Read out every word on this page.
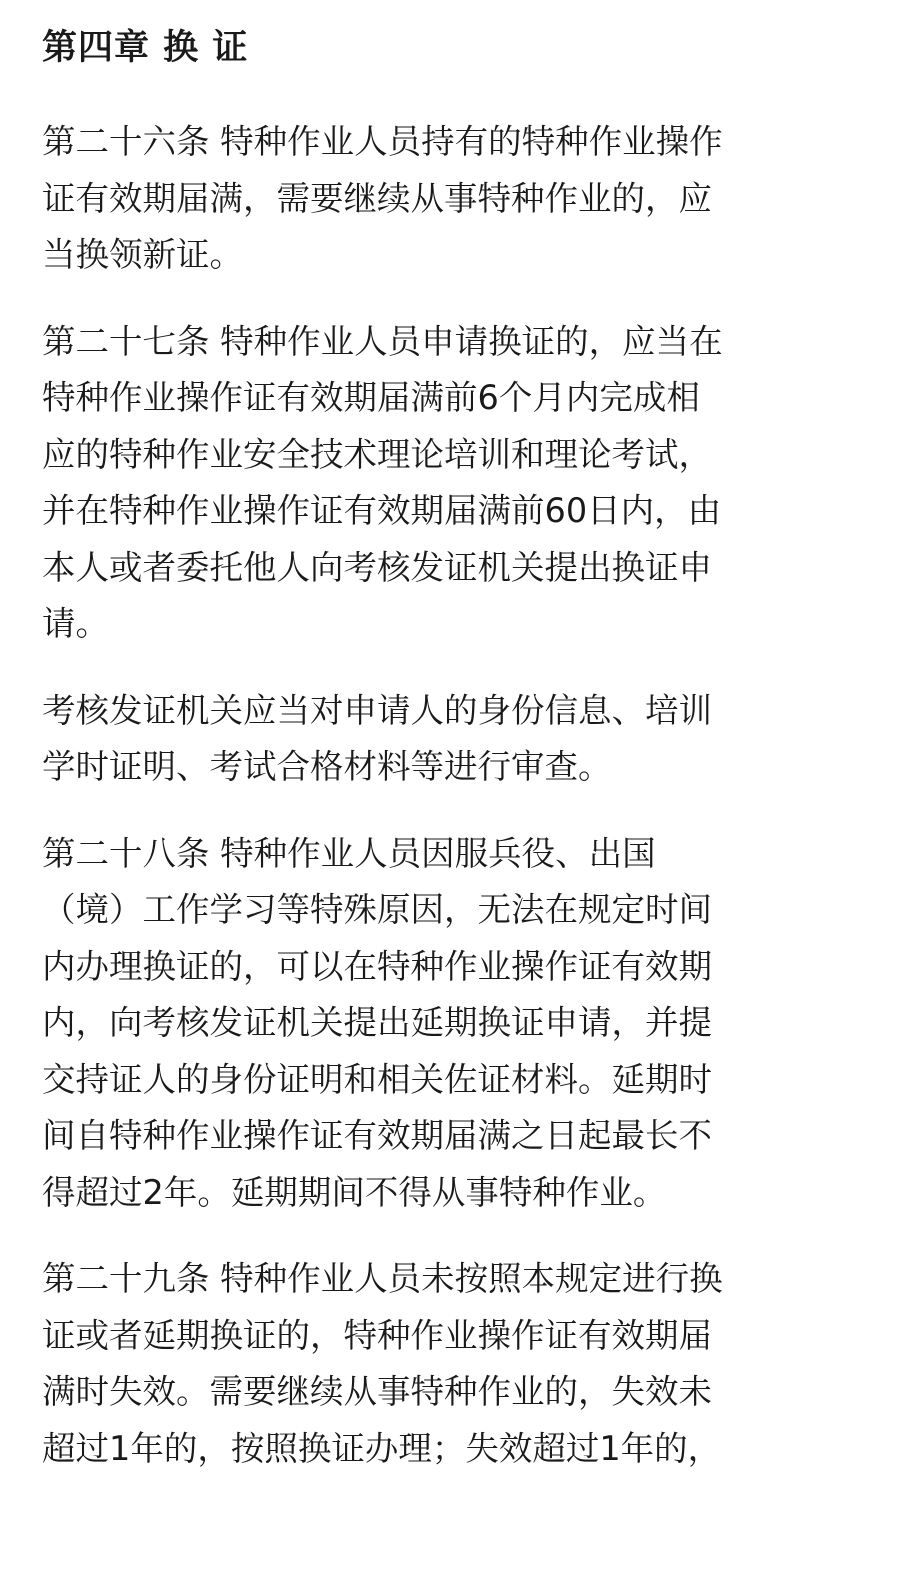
第四章 换 证
第二十六条 特种作业人员持有的特种作业操作
证有效期届满，需要继续从事特种作业的，应
当换领新证。
第二十七条 特种作业人员申请换证的，应当在
特种作业操作证有效期届满前6个月内完成相
应的特种作业安全技术理论培训和理论考试，
并在特种作业操作证有效期届满前60日内，由
本人或者委托他人向考核发证机关提出换证申
请。
考核发证机关应当对申请人的身份信息、培训
学时证明、考试合格材料等进行审查。
第二十八条 特种作业人员因服兵役、出国
（境）工作学习等特殊原因，无法在规定时间
内办理换证的，可以在特种作业操作证有效期
内，向考核发证机关提出延期换证申请，并提
交持证人的身份证明和相关佐证材料。延期时
间自特种作业操作证有效期届满之日起最长不
得超过2年。延期期间不得从事特种作业。
第二十九条 特种作业人员未按照本规定进行换
证或者延期换证的，特种作业操作证有效期届
满时失效。需要继续从事特种作业的，失效未
超过1年的，按照换证办理；失效超过1年的，
